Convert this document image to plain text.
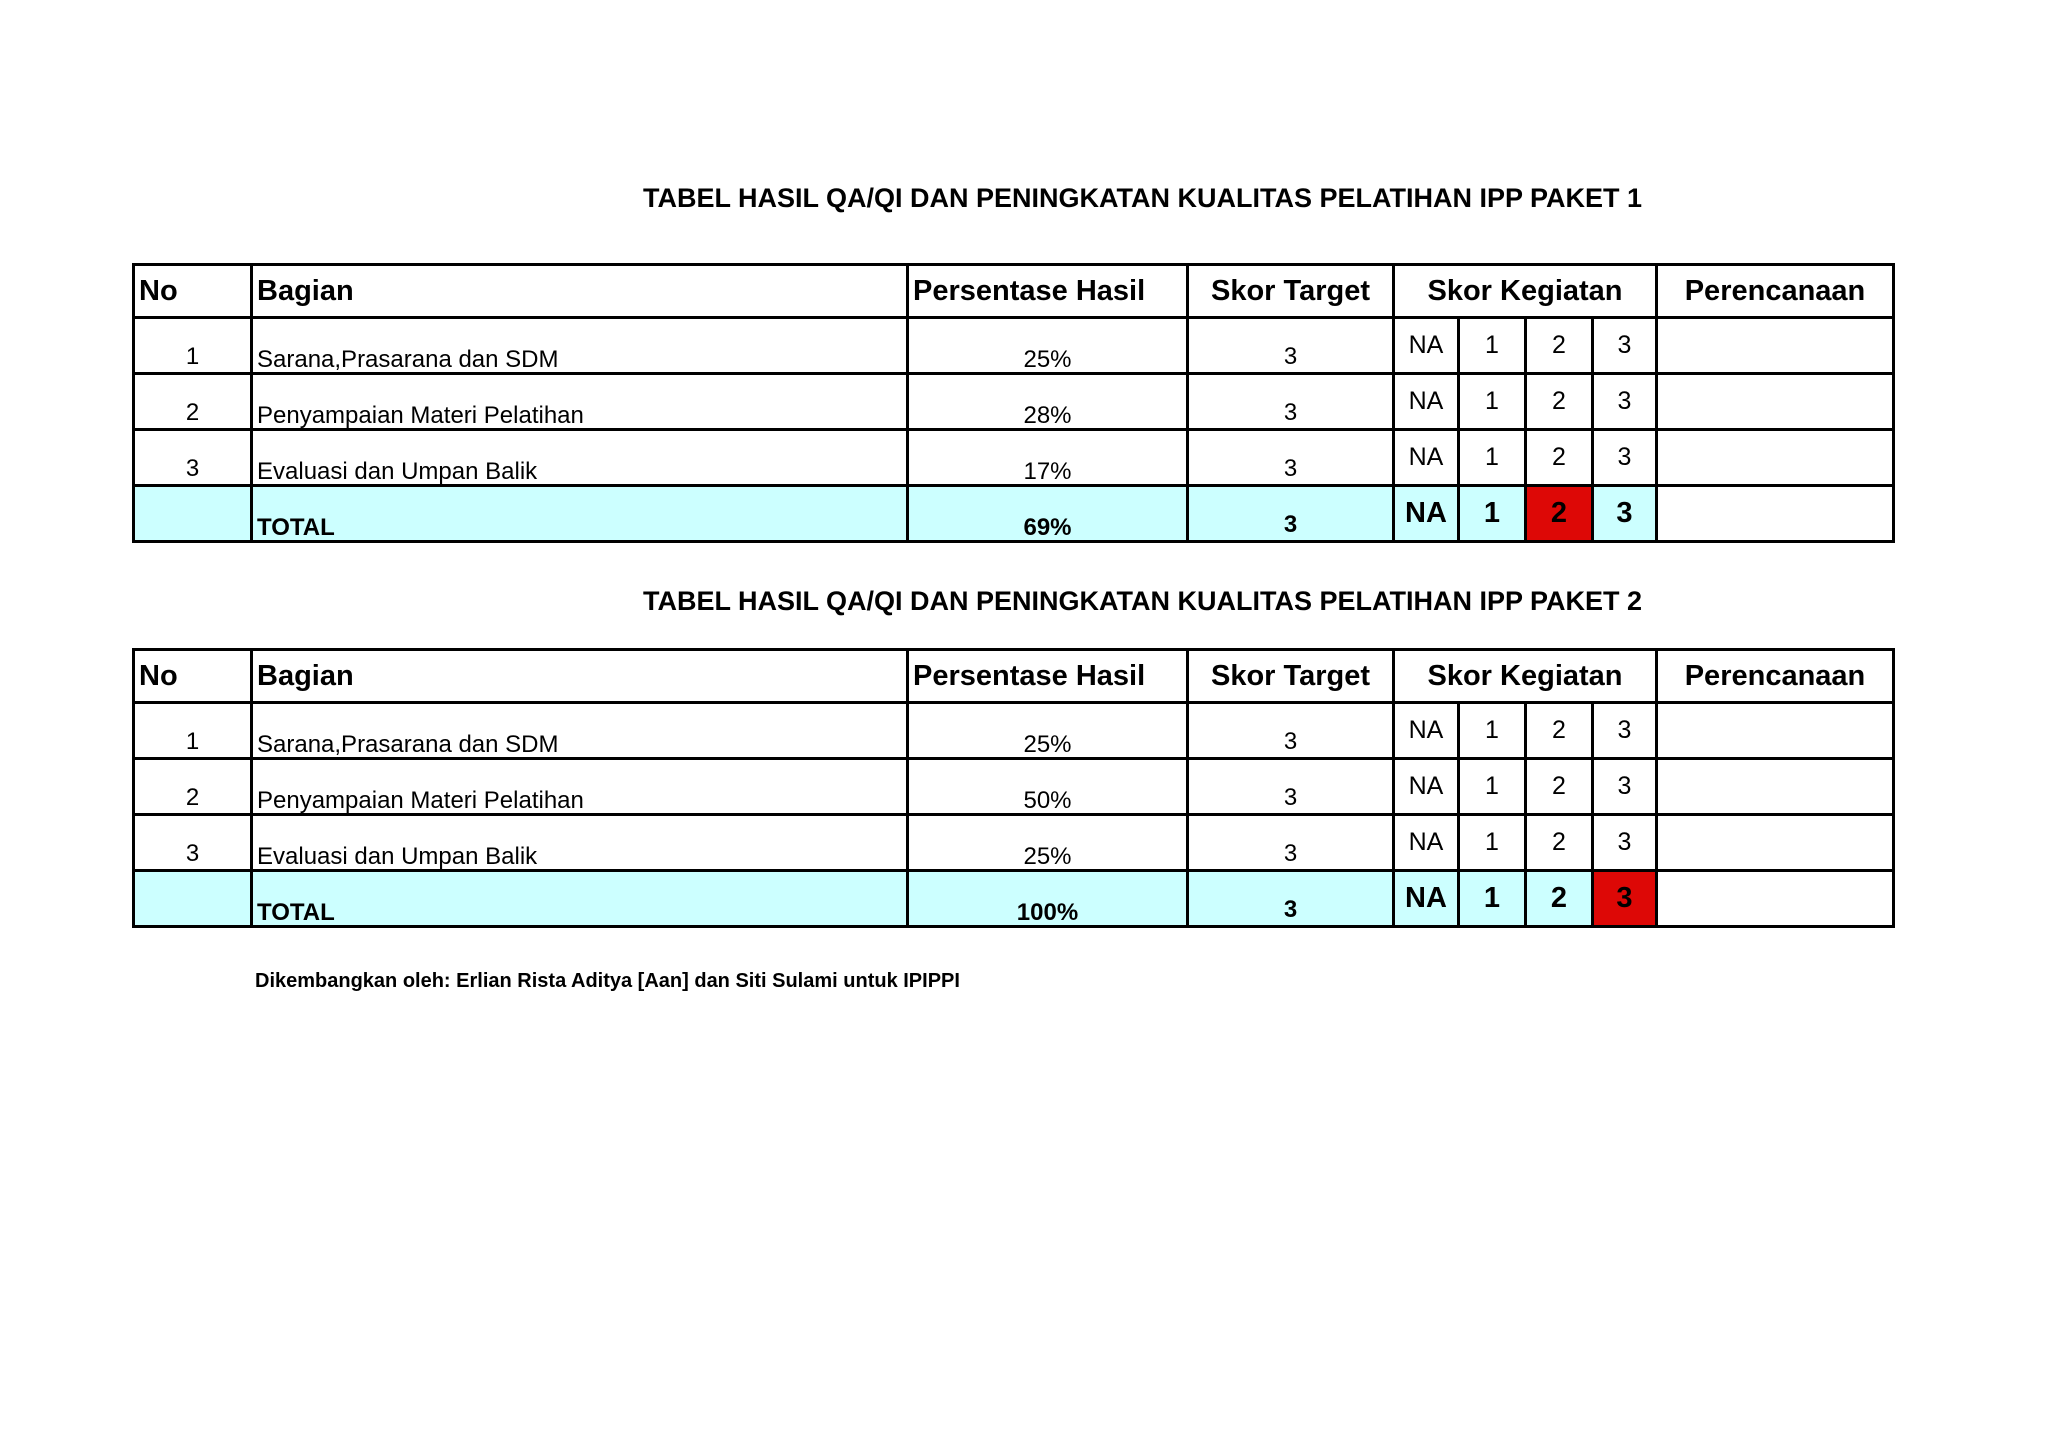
TABEL HASIL QA/QI DAN PENINGKATAN KUALITAS PELATIHAN IPP PAKET 1
No	Bagian	Persentase Hasil	Skor Target	Skor Kegiatan				Perencanaan
1	Sarana,Prasarana dan SDM	25%	3	NA	1	2	3	
2	Penyampaian Materi Pelatihan	28%	3	NA	1	2	3	
3	Evaluasi dan Umpan Balik	17%	3	NA	1	2	3	
	TOTAL	69%	3	NA	1	2	3	
TABEL HASIL QA/QI DAN PENINGKATAN KUALITAS PELATIHAN IPP PAKET 2
No	Bagian	Persentase Hasil	Skor Target	Skor Kegiatan				Perencanaan
1	Sarana,Prasarana dan SDM	25%	3	NA	1	2	3	
2	Penyampaian Materi Pelatihan	50%	3	NA	1	2	3	
3	Evaluasi dan Umpan Balik	25%	3	NA	1	2	3	
	TOTAL	100%	3	NA	1	2	3	
Dikembangkan oleh: Erlian Rista Aditya [Aan] dan Siti Sulami untuk IPIPPI
